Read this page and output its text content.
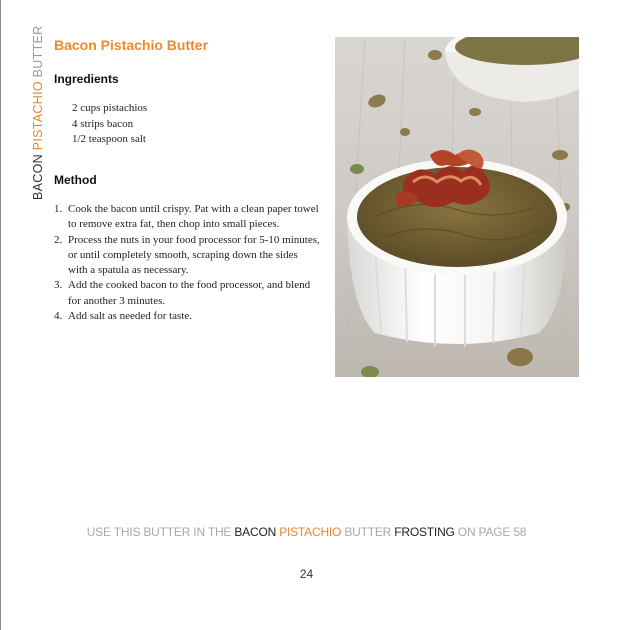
BACON PISTACHIO BUTTER Bacon Pistachio Butter
Ingredients
2 cups pistachios
4 strips bacon
1/2 teaspoon salt
Method
1. Cook the bacon until crispy. Pat with a clean paper towel to remove extra fat, then chop into small pieces.
2. Process the nuts in your food processor for 5-10 minutes, or until completely smooth, scraping down the sides with a spatula as necessary.
3. Add the cooked bacon to the food processor, and blend for another 3 minutes.
4. Add salt as needed for taste.
USE THIS BUTTER IN THE BACON PISTACHIO BUTTER FROSTING ON PAGE 58
24
